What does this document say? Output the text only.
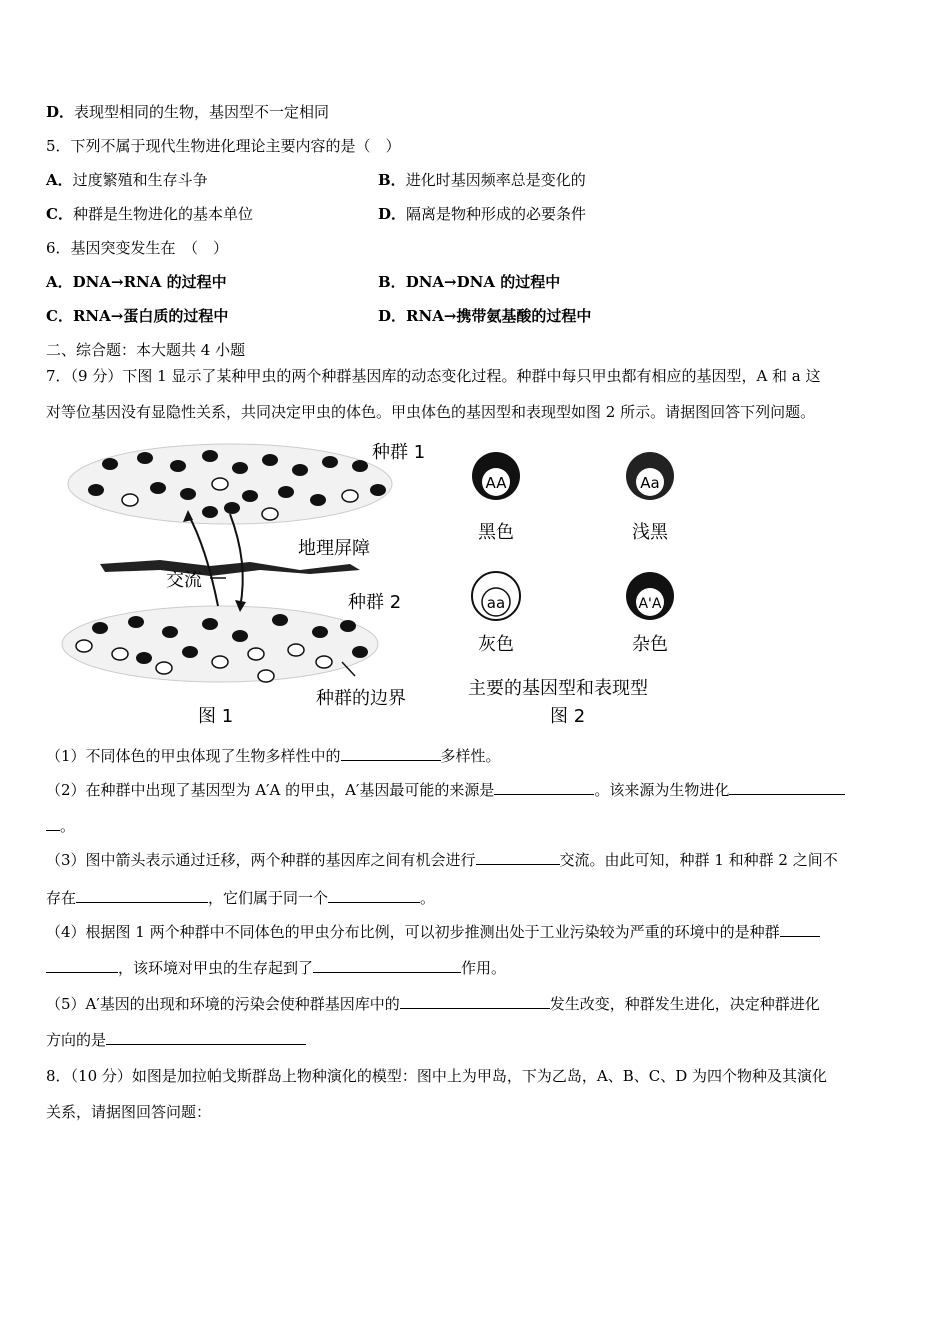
D．表现型相同的生物，基因型不一定相同
5．下列不属于现代生物进化理论主要内容的是（　）
A．过度繁殖和生存斗争	B．进化时基因频率总是变化的
C．种群是生物进化的基本单位	D．隔离是物种形成的必要条件
6．基因突变发生在　（　）
A．DNA→RNA 的过程中	B．DNA→DNA 的过程中
C．RNA→蛋白质的过程中	D．RNA→携带氨基酸的过程中
二、综合题：本大题共 4 小题
7．（9 分）下图 1 显示了某种甲虫的两个种群基因库的动态变化过程。种群中每只甲虫都有相应的基因型，A 和 a 这
对等位基因没有显隐性关系，共同决定甲虫的体色。甲虫体色的基因型和表现型如图 2 所示。请据图回答下列问题。
种群 1
地理屏障
交流
种群 2
种群的边界
图 1
AA
黑色
Aa
浅黑
aa
灰色
A'A
杂色
主要的基因型和表现型
图 2
（1）不同体色的甲虫体现了生物多样性中的	多样性。
（2）在种群中出现了基因型为 A′A 的甲虫，A′基因最可能的来源是	。该来源为生物进化
。
（3）图中箭头表示通过迁移，两个种群的基因库之间有机会进行	交流。由此可知，种群 1 和种群 2 之间不
存在	，它们属于同一个	。
（4）根据图 1 两个种群中不同体色的甲虫分布比例，可以初步推测出处于工业污染较为严重的环境中的是种群
，该环境对甲虫的生存起到了	作用。
（5）A′基因的出现和环境的污染会使种群基因库中的	发生改变，种群发生进化，决定种群进化
方向的是
8．（10 分）如图是加拉帕戈斯群岛上物种演化的模型：图中上为甲岛，下为乙岛，A、B、C、D 为四个物种及其演化
关系，请据图回答问题：
